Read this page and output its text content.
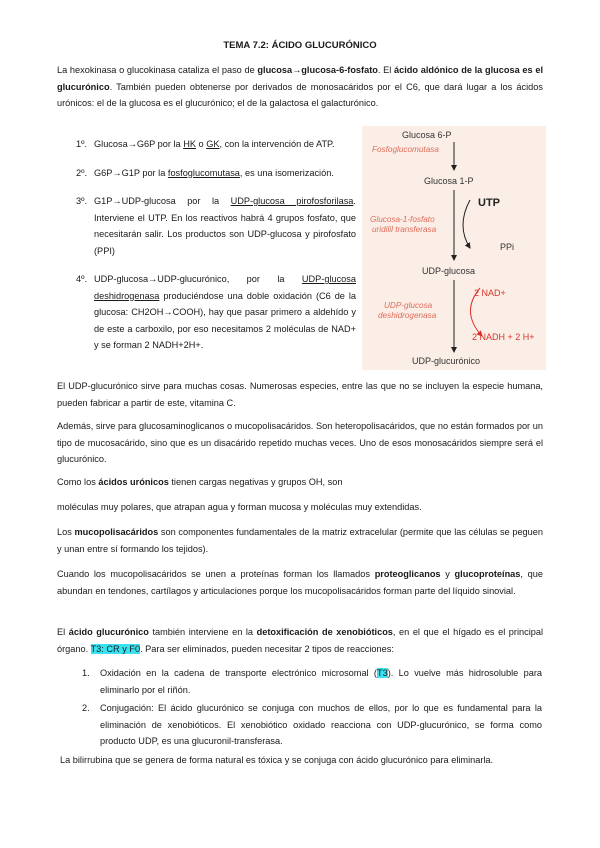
TEMA 7.2: ÁCIDO GLUCURÓNICO
La hexokinasa o glucokinasa cataliza el paso de glucosa→glucosa-6-fosfato. El ácido aldónico de la glucosa es el glucurónico. También pueden obtenerse por derivados de monosacáridos por el C6, que dará lugar a los ácidos urónicos: el de la glucosa es el glucurónico; el de la galactosa el galacturónico.
1º. Glucosa→G6P por la HK o GK, con la intervención de ATP.
2º. G6P→G1P por la fosfoglucomutasa, es una isomerización.
3º. G1P→UDP-glucosa por la UDP-glucosa pirofosforilasa. Interviene el UTP. En los reactivos habrá 4 grupos fosfato, que necesitarán salir. Los productos son UDP-glucosa y pirofosfato (PPI)
4º. UDP-glucosa→UDP-glucurónico, por la UDP-glucosa deshidrogenasa produciéndose una doble oxidación (C6 de la glucosa: CH2OH→COOH), hay que pasar primero a aldehído y de este a carboxilo, por eso necesitamos 2 moléculas de NAD+ y se forman 2 NADH+2H+.
Glucosa 6-P
Fosfoglucomutasa
Glucosa 1-P
Glucosa-1-fosfato
uridilil transferasa
UTP
PPi
UDP-glucosa
UDP-glucosa
deshidrogenasa
2 NAD+
2 NADH + 2 H+
UDP-glucurónico
El UDP-glucurónico sirve para muchas cosas. Numerosas especies, entre las que no se incluyen la especie humana, pueden fabricar a partir de este, vitamina C.
Además, sirve para glucosaminoglicanos o mucopolisacáridos. Son heteropolisacáridos, que no están formados por un tipo de mucosacárido, sino que es un disacárido repetido muchas veces. Uno de esos monosacáridos siempre será el glucurónico.
Como los ácidos urónicos tienen cargas negativas y grupos OH, son
moléculas muy polares, que atrapan agua y forman mucosa y moléculas muy extendidas.
Los mucopolisacáridos son componentes fundamentales de la matriz extracelular (permite que las células se peguen y unan entre sí formando los tejidos).
Cuando los mucopolisacáridos se unen a proteínas forman los llamados proteoglicanos y glucoproteínas, que abundan en tendones, cartílagos y articulaciones porque los mucopolisacáridos forman parte del líquido sinovial.
El ácido glucurónico también interviene en la detoxificación de xenobióticos, en el que el hígado es el principal órgano. T3: CR y F0. Para ser eliminados, pueden necesitar 2 tipos de reacciones:
1. Oxidación en la cadena de transporte electrónico microsomal (T3). Lo vuelve más hidrosoluble para eliminarlo por el riñón.
2. Conjugación: El ácido glucurónico se conjuga con muchos de ellos, por lo que es fundamental para la eliminación de xenobióticos. El xenobiótico oxidado reacciona con UDP-glucurónico, se forma como producto UDP, es una glucuronil-transferasa.
La bilirrubina que se genera de forma natural es tóxica y se conjuga con ácido glucurónico para eliminarla.
